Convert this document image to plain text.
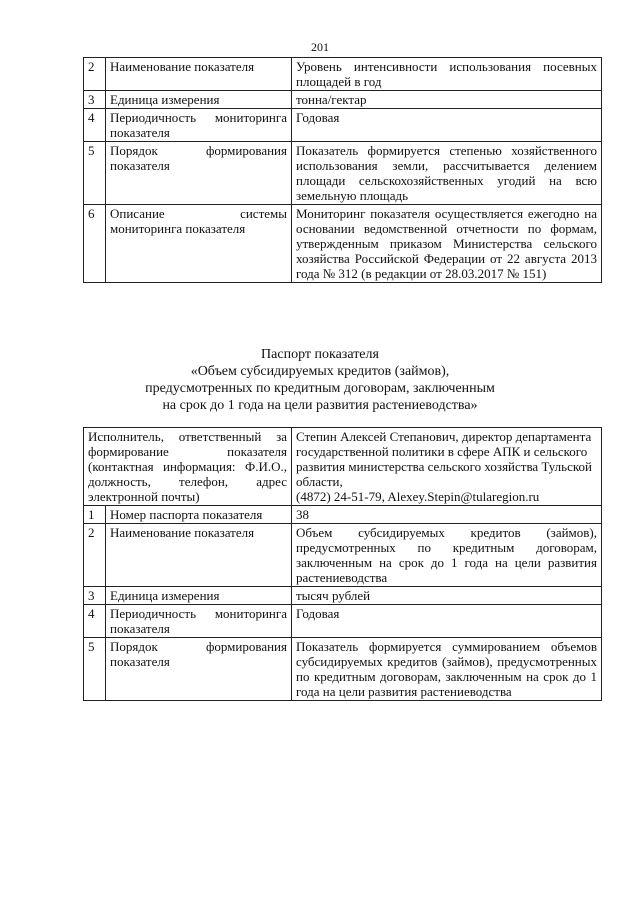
201
2	Наименование показателя	Уровень интенсивности использования посевных площадей в год
3	Единица измерения	тонна/гектар
4	Периодичность мониторинга показателя	Годовая
5	Порядок формирования показателя	Показатель формируется степенью хозяйственного использования земли, рассчитывается делением площади сельскохозяйственных угодий на всю земельную площадь
6	Описание системы мониторинга показателя	Мониторинг показателя осуществляется ежегодно на основании ведомственной отчетности по формам, утвержденным приказом Министерства сельского хозяйства Российской Федерации от 22 августа 2013 года № 312 (в редакции от 28.03.2017 № 151)
Паспорт показателя
«Объем субсидируемых кредитов (займов),
предусмотренных по кредитным договорам, заключенным
на срок до 1 года на цели развития растениеводства»
Исполнитель, ответственный за формирование показателя (контактная информация: Ф.И.О., должность, телефон, адрес электронной почты)		Степин Алексей Степанович, директор департамента государственной политики в сфере АПК и сельского развития министерства сельского хозяйства Тульской области,
(4872) 24-51-79, Alexey.Stepin@tularegion.ru

1	Номер паспорта показателя	38
2	Наименование показателя	Объем субсидируемых кредитов (займов), предусмотренных по кредитным договорам, заключенным на срок до 1 года на цели развития растениеводства
3	Единица измерения	тысяч рублей
4	Периодичность мониторинга показателя	Годовая
5	Порядок формирования показателя	Показатель формируется суммированием объемов субсидируемых кредитов (займов), предусмотренных по кредитным договорам, заключенным на срок до 1 года на цели развития растениеводства
